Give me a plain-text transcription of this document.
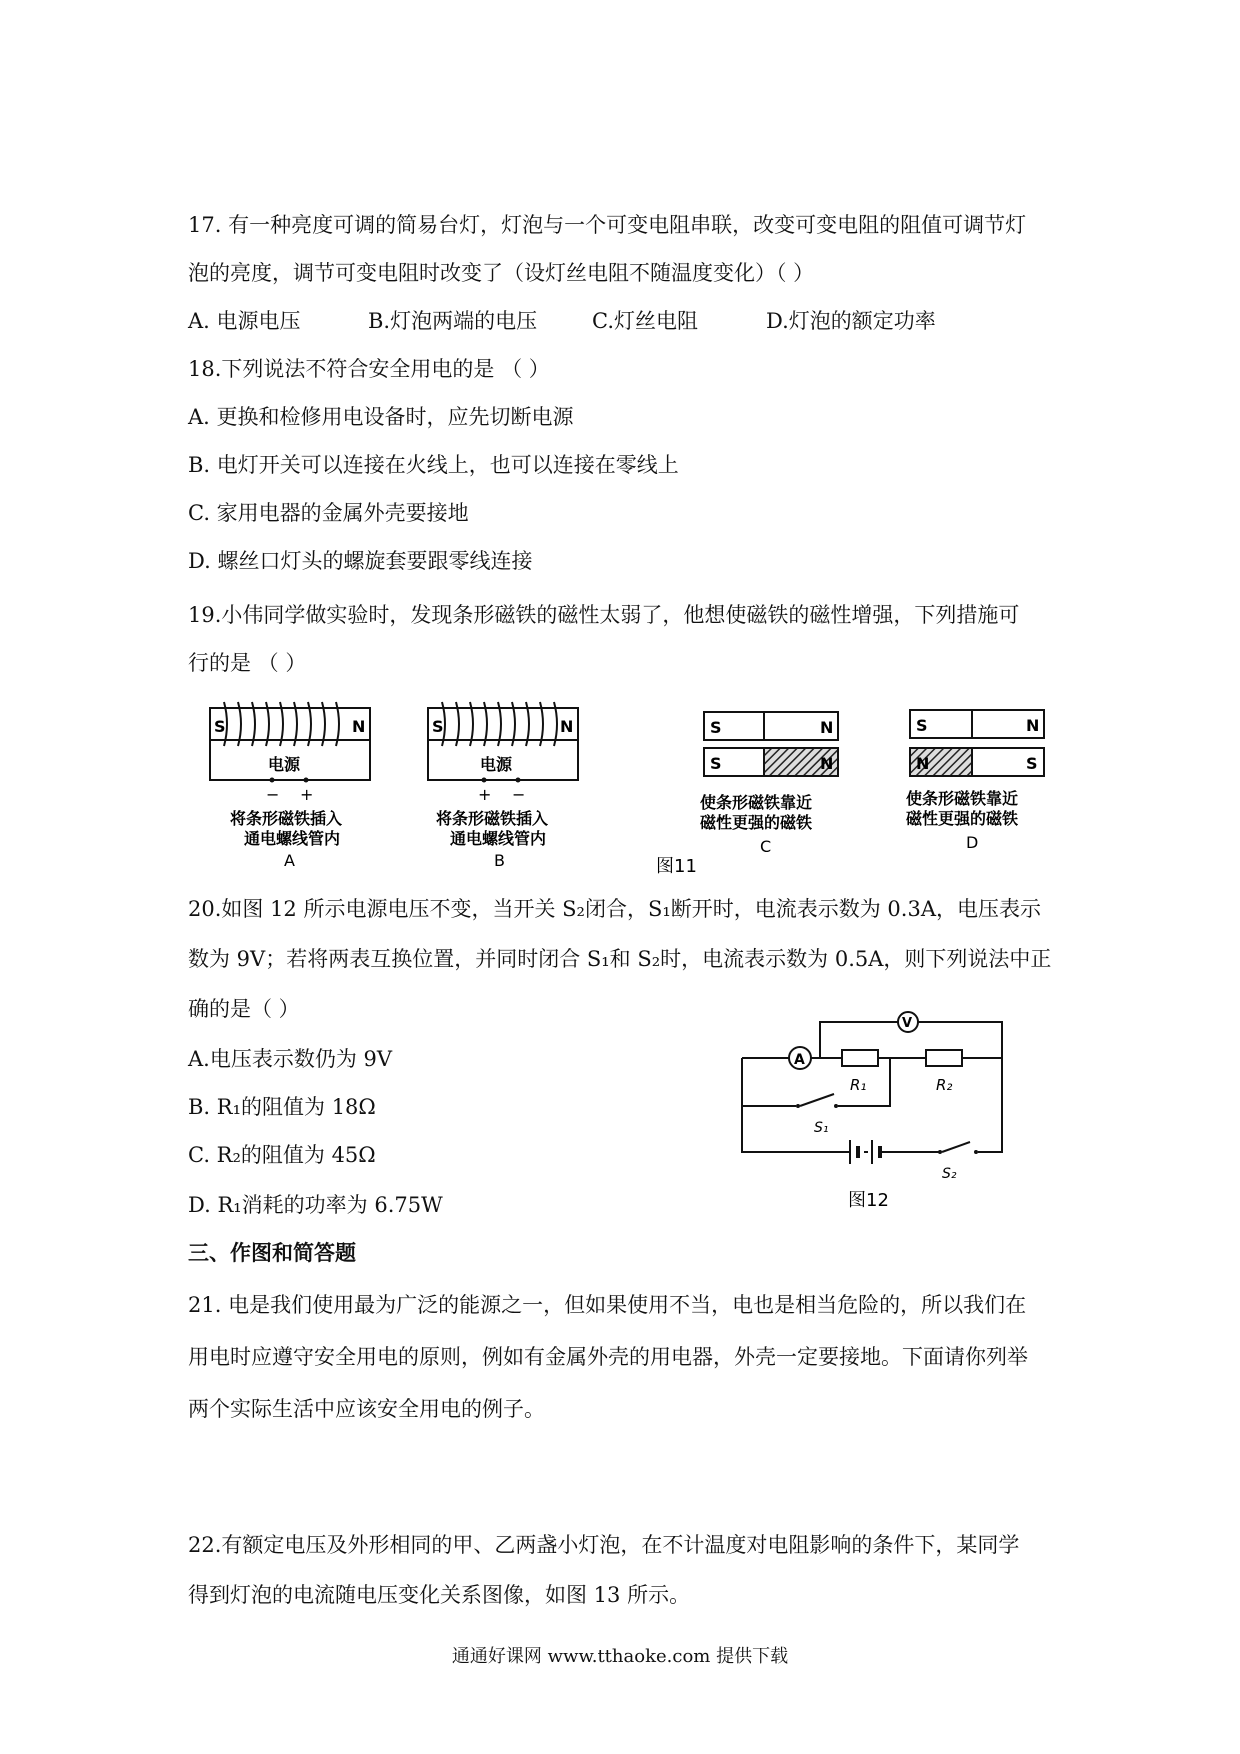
17. 有一种亮度可调的简易台灯，灯泡与一个可变电阻串联，改变可变电阻的阻值可调节灯
泡的亮度，调节可变电阻时改变了（设灯丝电阻不随温度变化）（ ）
A. 电源电压	B.灯泡两端的电压	C.灯丝电阻	D.灯泡的额定功率
18.下列说法不符合安全用电的是 （ ）
A. 更换和检修用电设备时，应先切断电源
B. 电灯开关可以连接在火线上，也可以连接在零线上
C. 家用电器的金属外壳要接地
D. 螺丝口灯头的螺旋套要跟零线连接
19.小伟同学做实验时，发现条形磁铁的磁性太弱了，他想使磁铁的磁性增强，下列措施可
行的是 （ ）
S	N
电源
− +
将条形磁铁插入
通电螺线管内
A
S	N
电源
+ −
将条形磁铁插入
通电螺线管内
B
S	N
S	N
使条形磁铁靠近
磁性更强的磁铁
C
S	N
N	S
使条形磁铁靠近
磁性更强的磁铁
D
图11
20.如图 12 所示电源电压不变，当开关 S₂闭合，S₁断开时，电流表示数为 0.3A，电压表示
数为 9V；若将两表互换位置，并同时闭合 S₁和 S₂时，电流表示数为 0.5A，则下列说法中正
确的是（ ）
A.电压表示数仍为 9V
B. R₁的阻值为 18Ω
C. R₂的阻值为 45Ω
D. R₁消耗的功率为 6.75W
A
V
R₁	R₂
S₁
S₂
图12
三、作图和简答题
21. 电是我们使用最为广泛的能源之一，但如果使用不当，电也是相当危险的，所以我们在
用电时应遵守安全用电的原则，例如有金属外壳的用电器，外壳一定要接地。下面请你列举
两个实际生活中应该安全用电的例子。
22.有额定电压及外形相同的甲、乙两盏小灯泡，在不计温度对电阻影响的条件下，某同学
得到灯泡的电流随电压变化关系图像，如图 13 所示。
通通好课网 www.tthaoke.com 提供下载
